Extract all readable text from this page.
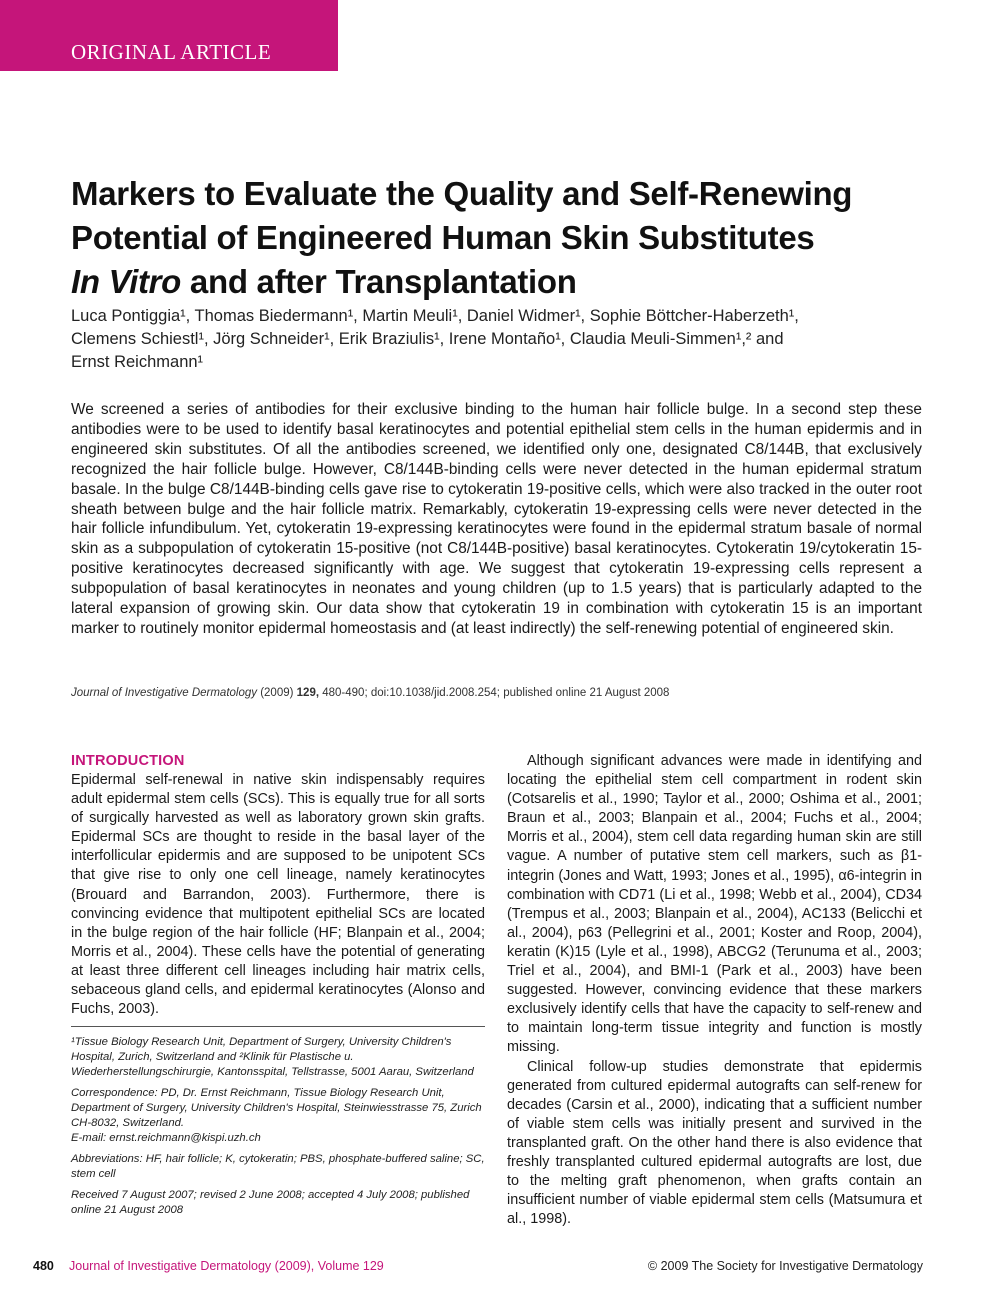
ORIGINAL ARTICLE
Markers to Evaluate the Quality and Self-Renewing
Potential of Engineered Human Skin Substitutes
In Vitro and after Transplantation
Luca Pontiggia¹, Thomas Biedermann¹, Martin Meuli¹, Daniel Widmer¹, Sophie Böttcher-Haberzeth¹,
Clemens Schiestl¹, Jörg Schneider¹, Erik Braziulis¹, Irene Montaño¹, Claudia Meuli-Simmen¹,² and
Ernst Reichmann¹

We screened a series of antibodies for their exclusive binding to the human hair follicle bulge. In a second step these antibodies were to be used to identify basal keratinocytes and potential epithelial stem cells in the human epidermis and in engineered skin substitutes. Of all the antibodies screened, we identified only one, designated C8/144B, that exclusively recognized the hair follicle bulge. However, C8/144B-binding cells were never detected in the human epidermal stratum basale. In the bulge C8/144B-binding cells gave rise to cytokeratin 19-positive cells, which were also tracked in the outer root sheath between bulge and the hair follicle matrix. Remarkably, cytokeratin 19-expressing cells were never detected in the hair follicle infundibulum. Yet, cytokeratin 19-expressing keratinocytes were found in the epidermal stratum basale of normal skin as a subpopulation of cytokeratin 15-positive (not C8/144B-positive) basal keratinocytes. Cytokeratin 19/cytokeratin 15-positive keratinocytes decreased significantly with age. We suggest that cytokeratin 19-expressing cells represent a subpopulation of basal keratinocytes in neonates and young children (up to 1.5 years) that is particularly adapted to the lateral expansion of growing skin. Our data show that cytokeratin 19 in combination with cytokeratin 15 is an important marker to routinely monitor epidermal homeostasis and (at least indirectly) the self-renewing potential of engineered skin.

Journal of Investigative Dermatology (2009) 129, 480-490; doi:10.1038/jid.2008.254; published online 21 August 2008
INTRODUCTION

Epidermal self-renewal in native skin indispensably requires adult epidermal stem cells (SCs). This is equally true for all sorts of surgically harvested as well as laboratory grown skin grafts. Epidermal SCs are thought to reside in the basal layer of the interfollicular epidermis and are supposed to be unipotent SCs that give rise to only one cell lineage, namely keratinocytes (Brouard and Barrandon, 2003). Furthermore, there is convincing evidence that multipotent epithelial SCs are located in the bulge region of the hair follicle (HF; Blanpain et al., 2004; Morris et al., 2004). These cells have the potential of generating at least three different cell lineages including hair matrix cells, sebaceous gland cells, and epidermal keratinocytes (Alonso and Fuchs, 2003).

¹Tissue Biology Research Unit, Department of Surgery, University Children's Hospital, Zurich, Switzerland and ²Klinik für Plastische u. Wiederherstellungschirurgie, Kantonsspital, Tellstrasse, 5001 Aarau, Switzerland

Correspondence: PD, Dr. Ernst Reichmann, Tissue Biology Research Unit, Department of Surgery, University Children's Hospital, Steinwiesstrasse 75, Zurich CH-8032, Switzerland.
E-mail: ernst.reichmann@kispi.uzh.ch

Abbreviations: HF, hair follicle; K, cytokeratin; PBS, phosphate-buffered saline; SC, stem cell

Received 7 August 2007; revised 2 June 2008; accepted 4 July 2008; published online 21 August 2008

Although significant advances were made in identifying and locating the epithelial stem cell compartment in rodent skin (Cotsarelis et al., 1990; Taylor et al., 2000; Oshima et al., 2001; Braun et al., 2003; Blanpain et al., 2004; Fuchs et al., 2004; Morris et al., 2004), stem cell data regarding human skin are still vague. A number of putative stem cell markers, such as β1-integrin (Jones and Watt, 1993; Jones et al., 1995), α6-integrin in combination with CD71 (Li et al., 1998; Webb et al., 2004), CD34 (Trempus et al., 2003; Blanpain et al., 2004), AC133 (Belicchi et al., 2004), p63 (Pellegrini et al., 2001; Koster and Roop, 2004), keratin (K)15 (Lyle et al., 1998), ABCG2 (Terunuma et al., 2003; Triel et al., 2004), and BMI-1 (Park et al., 2003) have been suggested. However, convincing evidence that these markers exclusively identify cells that have the capacity to self-renew and to maintain long-term tissue integrity and function is mostly missing.

Clinical follow-up studies demonstrate that epidermis generated from cultured epidermal autografts can self-renew for decades (Carsin et al., 2000), indicating that a sufficient number of viable stem cells was initially present and survived in the transplanted graft. On the other hand there is also evidence that freshly transplanted cultured epidermal autografts are lost, due to the melting graft phenomenon, when grafts contain an insufficient number of viable epidermal stem cells (Matsumura et al., 1998).

480 Journal of Investigative Dermatology (2009), Volume 129	© 2009 The Society for Investigative Dermatology
